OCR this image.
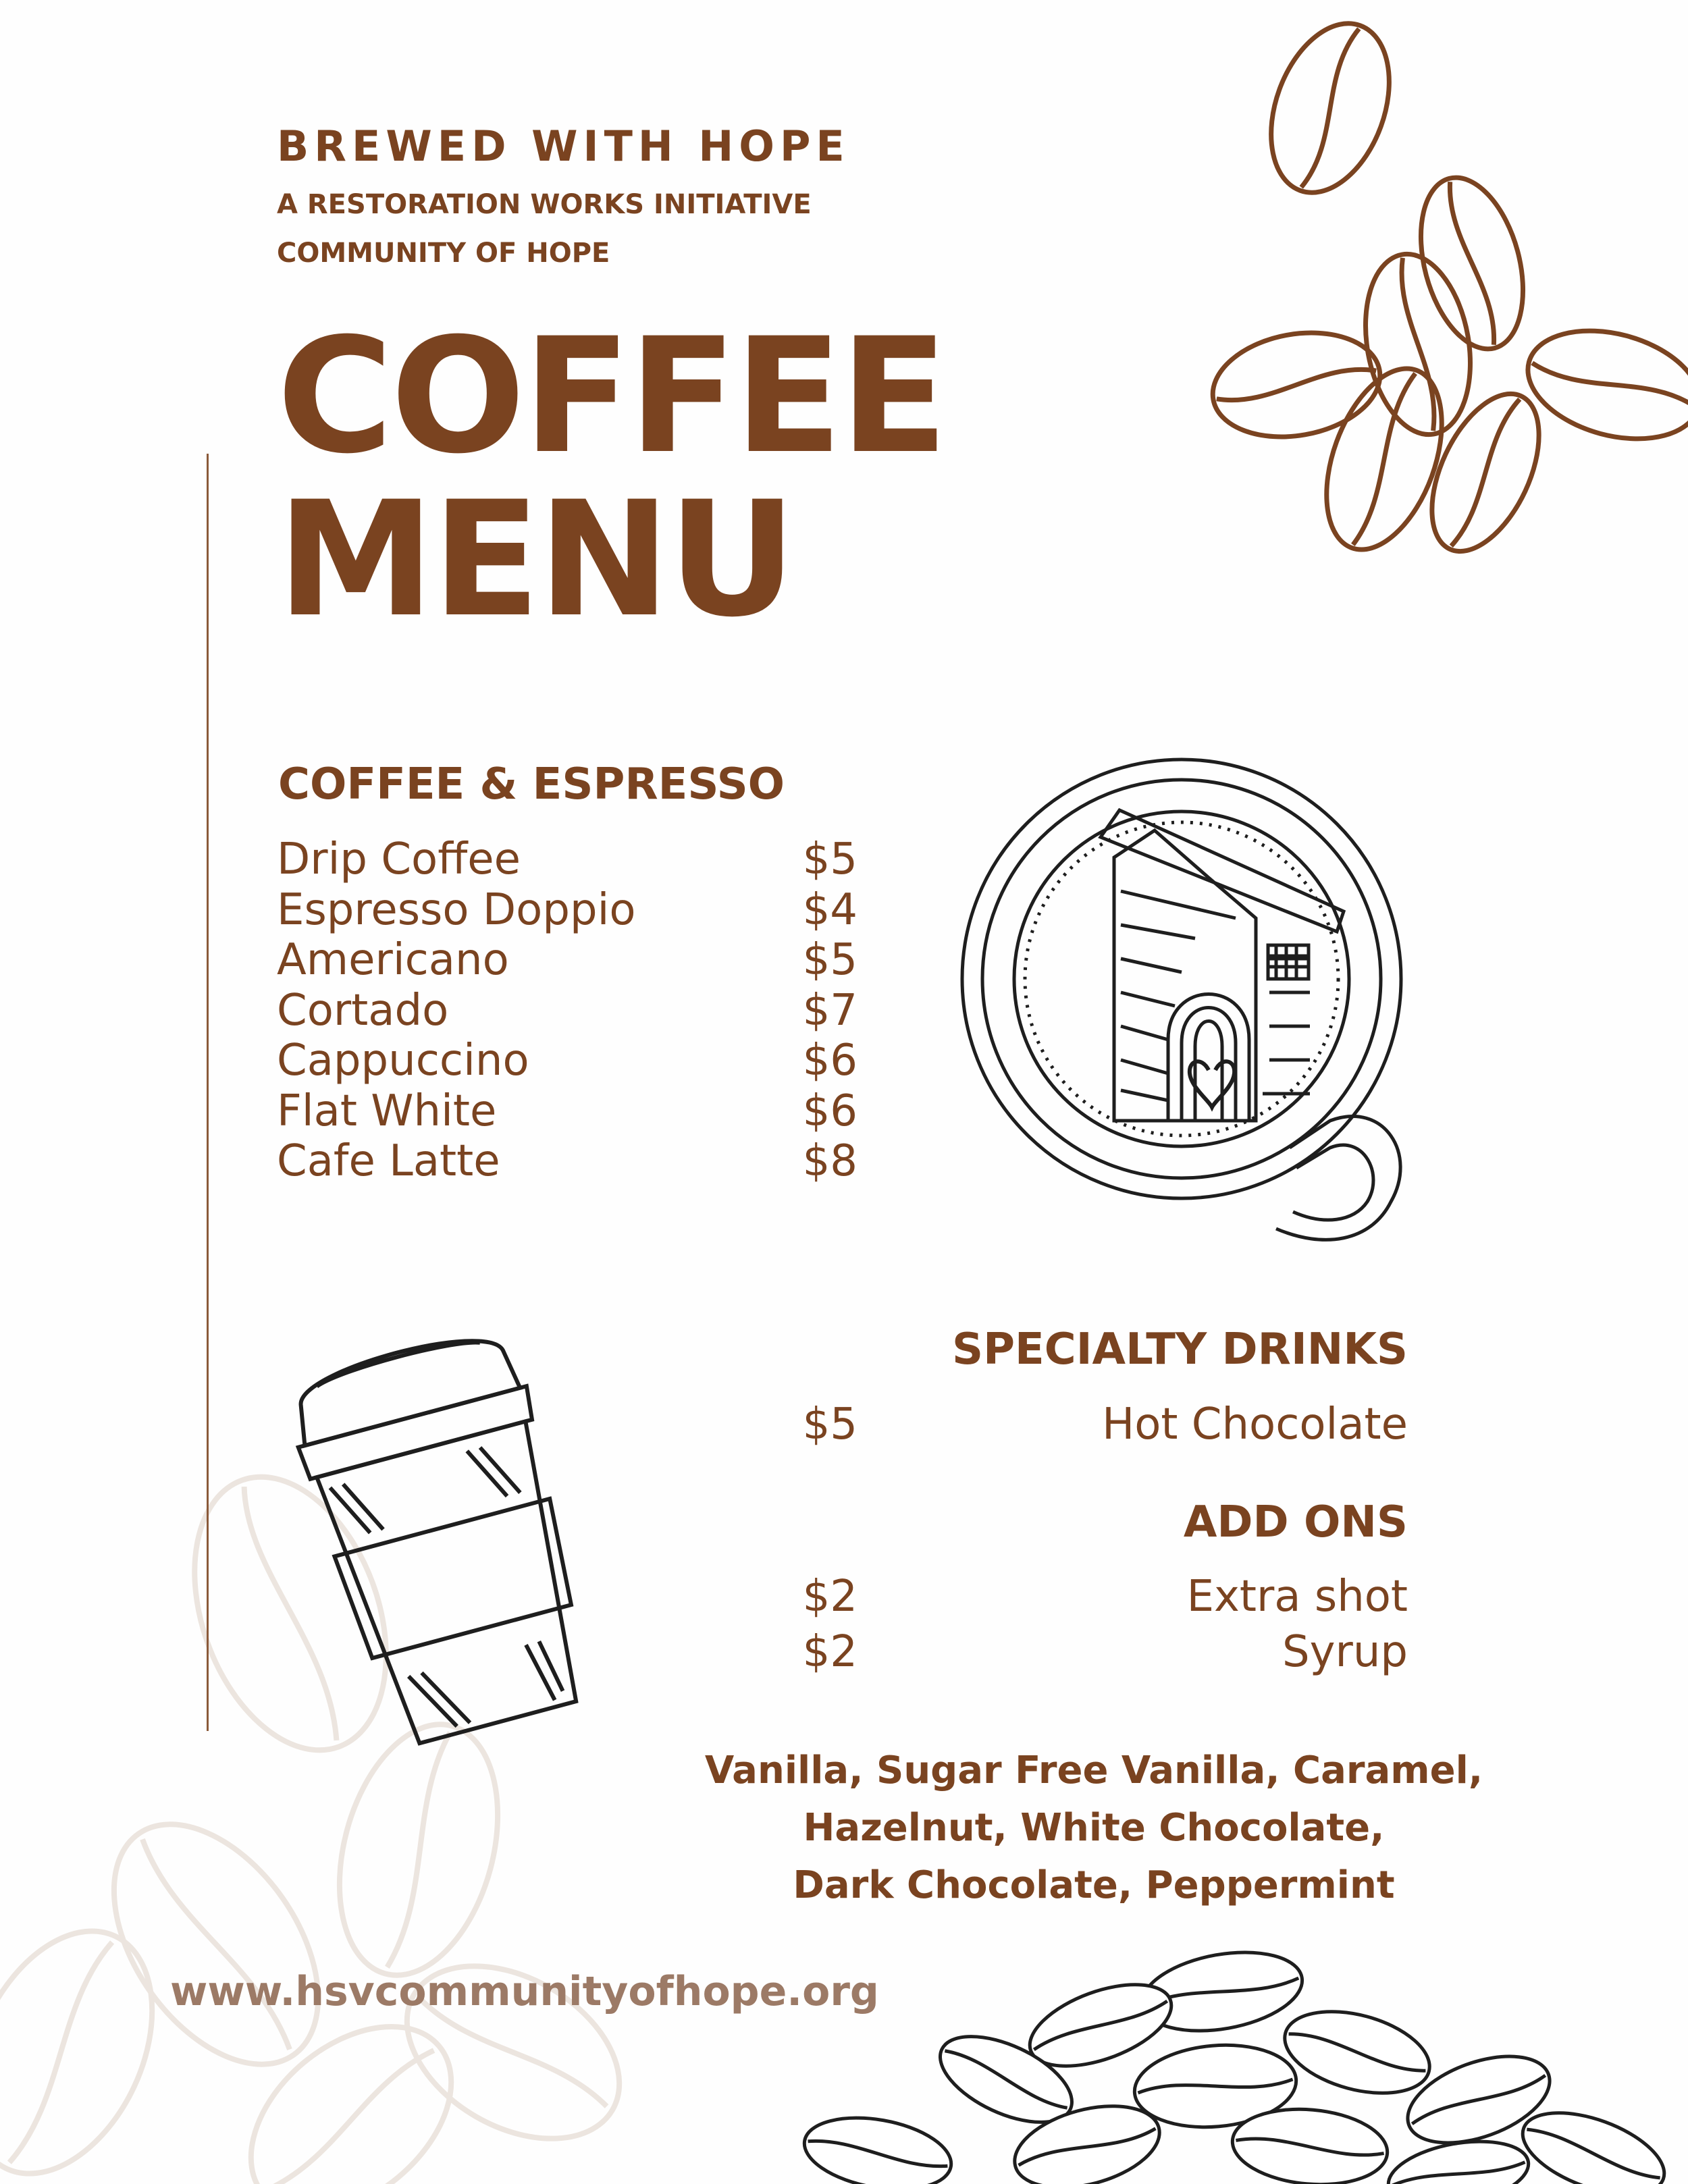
BREWED WITH HOPE
A RESTORATION WORKS INITIATIVE
COMMUNITY OF HOPE
COFFEE
MENU
COFFEE & ESPRESSO
Drip Coffee	$5
Espresso Doppio	$4
Americano	$5
Cortado	$7
Cappuccino	$6
Flat White	$6
Cafe Latte	$8
SPECIALTY DRINKS
$5	Hot Chocolate
ADD ONS
$2	Extra shot
$2	Syrup
Vanilla, Sugar Free Vanilla, Caramel,
Hazelnut, White Chocolate,
Dark Chocolate, Peppermint
www.hsvcommunityofhope.org
